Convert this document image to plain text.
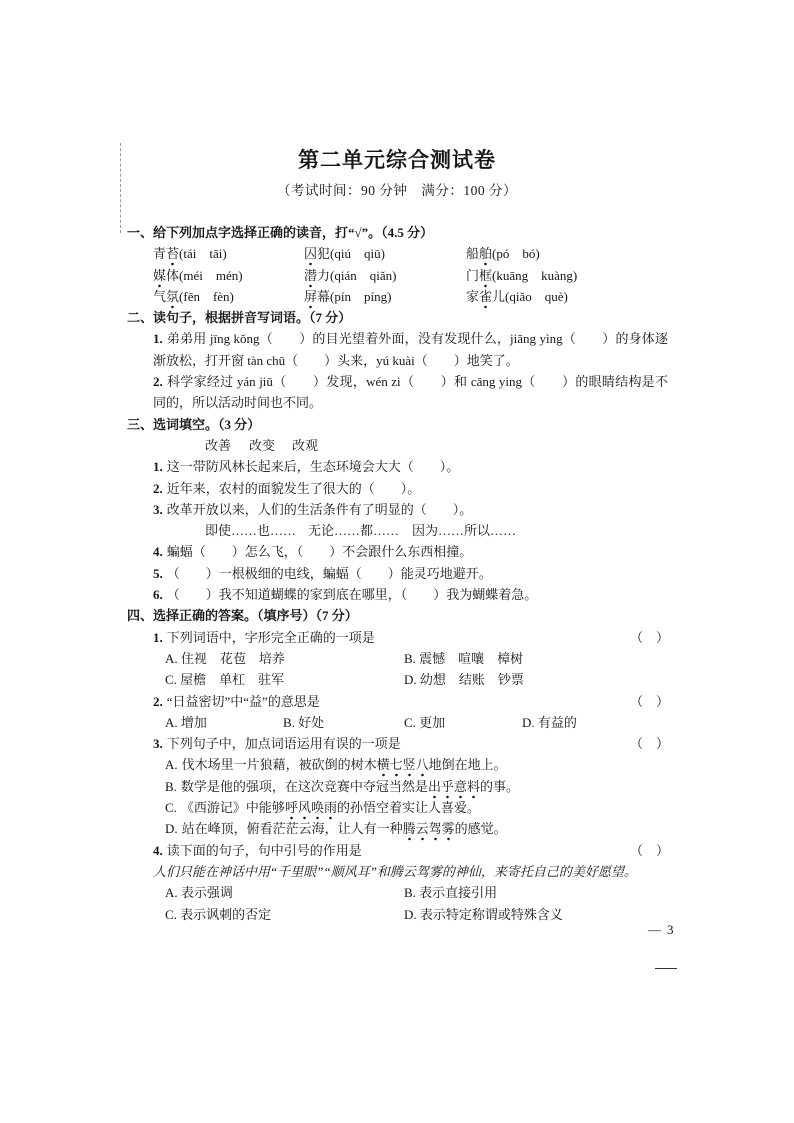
第二单元综合测试卷
（考试时间：90 分钟　满分：100 分）
一、给下列加点字选择正确的读音，打“√”。（4.5 分）
青苔(tái　tāi)	囚犯(qiú　qiū)	船舶(pó　bó)
媒体(méi　mén)	潜力(qián　qiǎn)	门框(kuāng　kuàng)
气氛(fēn　fèn)	屏幕(pín　píng)	家雀儿(qiǎo　què)
二、读句子，根据拼音写词语。（7 分）
1. 弟弟用 jīng kǒng（　　）的目光望着外面，没有发现什么，jiāng yìng（　　）的身体逐
渐放松，打开窗 tàn chū（　　）头来，yú kuài（　　）地笑了。
2. 科学家经过 yán jiū（　　）发现，wén zi（　　）和 cāng ying（　　）的眼睛结构是不
同的，所以活动时间也不同。
三、选词填空。（3 分）
改善 改变 改观
1. 这一带防风林长起来后，生态环境会大大（　　）。
2. 近年来，农村的面貌发生了很大的（　　）。
3. 改革开放以来，人们的生活条件有了明显的（　　）。
即使……也…… 无论……都…… 因为……所以……
4. 蝙蝠（　　）怎么飞，（　　）不会跟什么东西相撞。
5. （　　）一根极细的电线，蝙蝠（　　）能灵巧地避开。
6. （　　）我不知道蝴蝶的家到底在哪里，（　　）我为蝴蝶着急。
四、选择正确的答案。（填序号）（7 分）
1. 下列词语中，字形完全正确的一项是	（　）
A. 住视　花苞　培养	B. 震憾　喧嚷　樟树
C. 屋檐　单杠　驻军	D. 幼想　结账　钞票
2. “日益密切”中“益”的意思是	（　）
A. 增加	B. 好处	C. 更加	D. 有益的
3. 下列句子中，加点词语运用有误的一项是	（　）
A. 伐木场里一片狼藉，被砍倒的树木横七竖八地倒在地上。
B. 数学是他的强项，在这次竞赛中夺冠当然是出乎意料的事。
C. 《西游记》中能够呼风唤雨的孙悟空着实让人喜爱。
D. 站在峰顶，俯看茫茫云海，让人有一种腾云驾雾的感觉。
4. 读下面的句子，句中引号的作用是	（　）
人们只能在神话中用“千里眼”“顺风耳”和腾云驾雾的神仙，来寄托自己的美好愿望。
A. 表示强调	B. 表示直接引用
C. 表示讽刺的否定	D. 表示特定称谓或特殊含义
— 3
